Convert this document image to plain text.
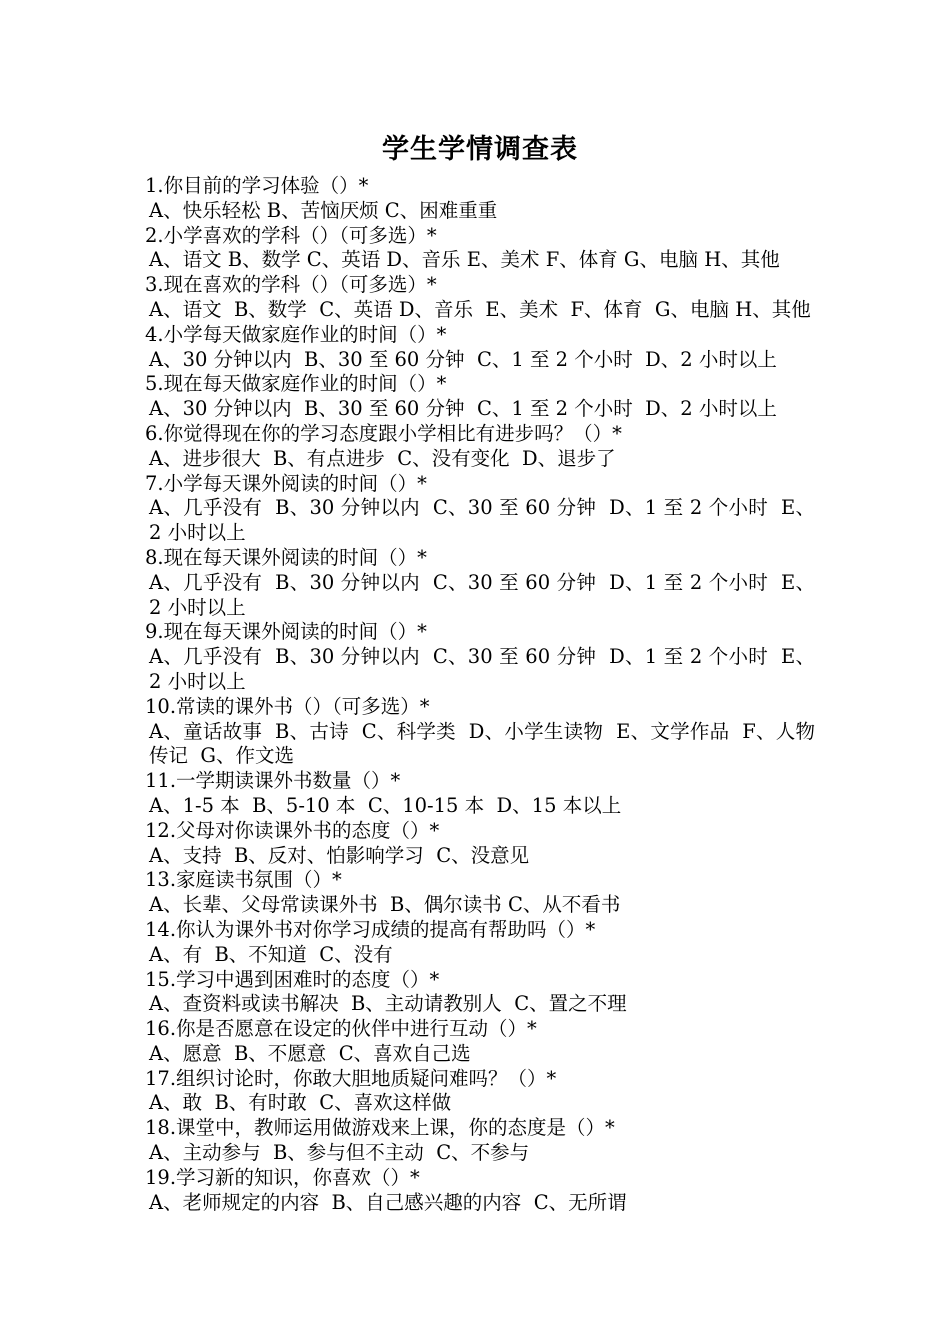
学生学情调查表
1.你目前的学习体验（）*
A、快乐轻松 B、苦恼厌烦 C、困难重重
2.小学喜欢的学科（）（可多选）*
A、语文 B、数学 C、英语 D、音乐 E、美术 F、体育 G、电脑 H、其他
3.现在喜欢的学科（）（可多选）*
A、语文  B、数学  C、英语 D、音乐  E、美术  F、体育  G、电脑 H、其他
4.小学每天做家庭作业的时间（）*
A、30 分钟以内  B、30 至 60 分钟  C、1 至 2 个小时  D、2 小时以上
5.现在每天做家庭作业的时间（）*
A、30 分钟以内  B、30 至 60 分钟  C、1 至 2 个小时  D、2 小时以上
6.你觉得现在你的学习态度跟小学相比有进步吗？（）*
A、进步很大  B、有点进步  C、没有变化  D、退步了
7.小学每天课外阅读的时间（）*
A、几乎没有  B、30 分钟以内  C、30 至 60 分钟  D、1 至 2 个小时  E、2 小时以上
8.现在每天课外阅读的时间（）*
A、几乎没有  B、30 分钟以内  C、30 至 60 分钟  D、1 至 2 个小时  E、2 小时以上
9.现在每天课外阅读的时间（）*
A、几乎没有  B、30 分钟以内  C、30 至 60 分钟  D、1 至 2 个小时  E、2 小时以上
10.常读的课外书（）（可多选）*
A、童话故事  B、古诗  C、科学类  D、小学生读物  E、文学作品  F、人物传记  G、作文选
11.一学期读课外书数量（）*
A、1-5 本  B、5-10 本  C、10-15 本  D、15 本以上
12.父母对你读课外书的态度（）*
A、支持  B、反对、怕影响学习  C、没意见
13.家庭读书氛围（）*
A、长辈、父母常读课外书  B、偶尔读书 C、从不看书
14.你认为课外书对你学习成绩的提高有帮助吗（）*
A、有  B、不知道  C、没有
15.学习中遇到困难时的态度（）*
A、查资料或读书解决  B、主动请教别人  C、置之不理
16.你是否愿意在设定的伙伴中进行互动（）*
A、愿意  B、不愿意  C、喜欢自己选
17.组织讨论时，你敢大胆地质疑问难吗？（）*
A、敢  B、有时敢  C、喜欢这样做
18.课堂中，教师运用做游戏来上课，你的态度是（）*
A、主动参与  B、参与但不主动  C、不参与
19.学习新的知识，你喜欢（）*
A、老师规定的内容  B、自己感兴趣的内容  C、无所谓
